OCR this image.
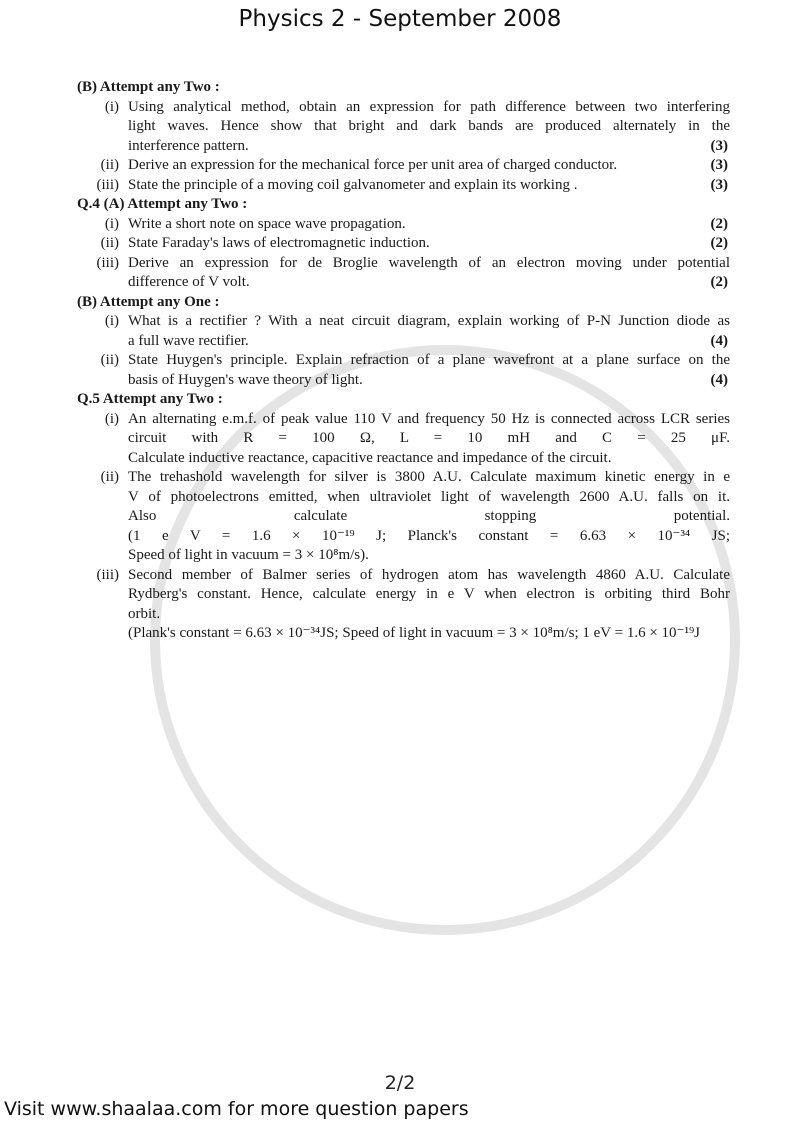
Physics 2 - September 2008
(B) Attempt any Two :
(i) Using analytical method, obtain an expression for path difference between two interfering
light waves. Hence show that bright and dark bands are produced alternately in the
interference pattern.	(3)
(ii) Derive an expression for the mechanical force per unit area of charged conductor.	(3)
(iii) State the principle of a moving coil galvanometer and explain its working .	(3)
Q.4 (A) Attempt any Two :
(i) Write a short note on space wave propagation.	(2)
(ii) State Faraday's laws of electromagnetic induction.	(2)
(iii) Derive an expression for de Broglie wavelength of an electron moving under potential
difference of V volt.	(2)
(B) Attempt any One :
(i) What is a rectifier ? With a neat circuit diagram, explain working of P-N Junction diode as
a full wave rectifier.	(4)
(ii) State Huygen's principle. Explain refraction of a plane wavefront at a plane surface on the
basis of Huygen's wave theory of light.	(4)
Q.5 Attempt any Two :
(i) An alternating e.m.f. of peak value 110 V and frequency 50 Hz is connected across LCR series
circuit with R = 100 Ω, L = 10 mH and C = 25 μF.
Calculate inductive reactance, capacitive reactance and impedance of the circuit.
(ii) The trehashold wavelength for silver is 3800 A.U. Calculate maximum kinetic energy in e
V of photoelectrons emitted, when ultraviolet light of wavelength 2600 A.U. falls on it.
Also calculate stopping potential.
(1 e V = 1.6 × 10⁻¹⁹ J; Planck's constant = 6.63 × 10⁻³⁴ JS;
Speed of light in vacuum = 3 × 10⁸m/s).
(iii) Second member of Balmer series of hydrogen atom has wavelength 4860 A.U. Calculate
Rydberg's constant. Hence, calculate energy in e V when electron is orbiting third Bohr
orbit.
(Plank's constant = 6.63 × 10⁻³⁴JS; Speed of light in vacuum = 3 × 10⁸m/s; 1 eV = 1.6 × 10⁻¹⁹J
2/2
Visit www.shaalaa.com for more question papers
